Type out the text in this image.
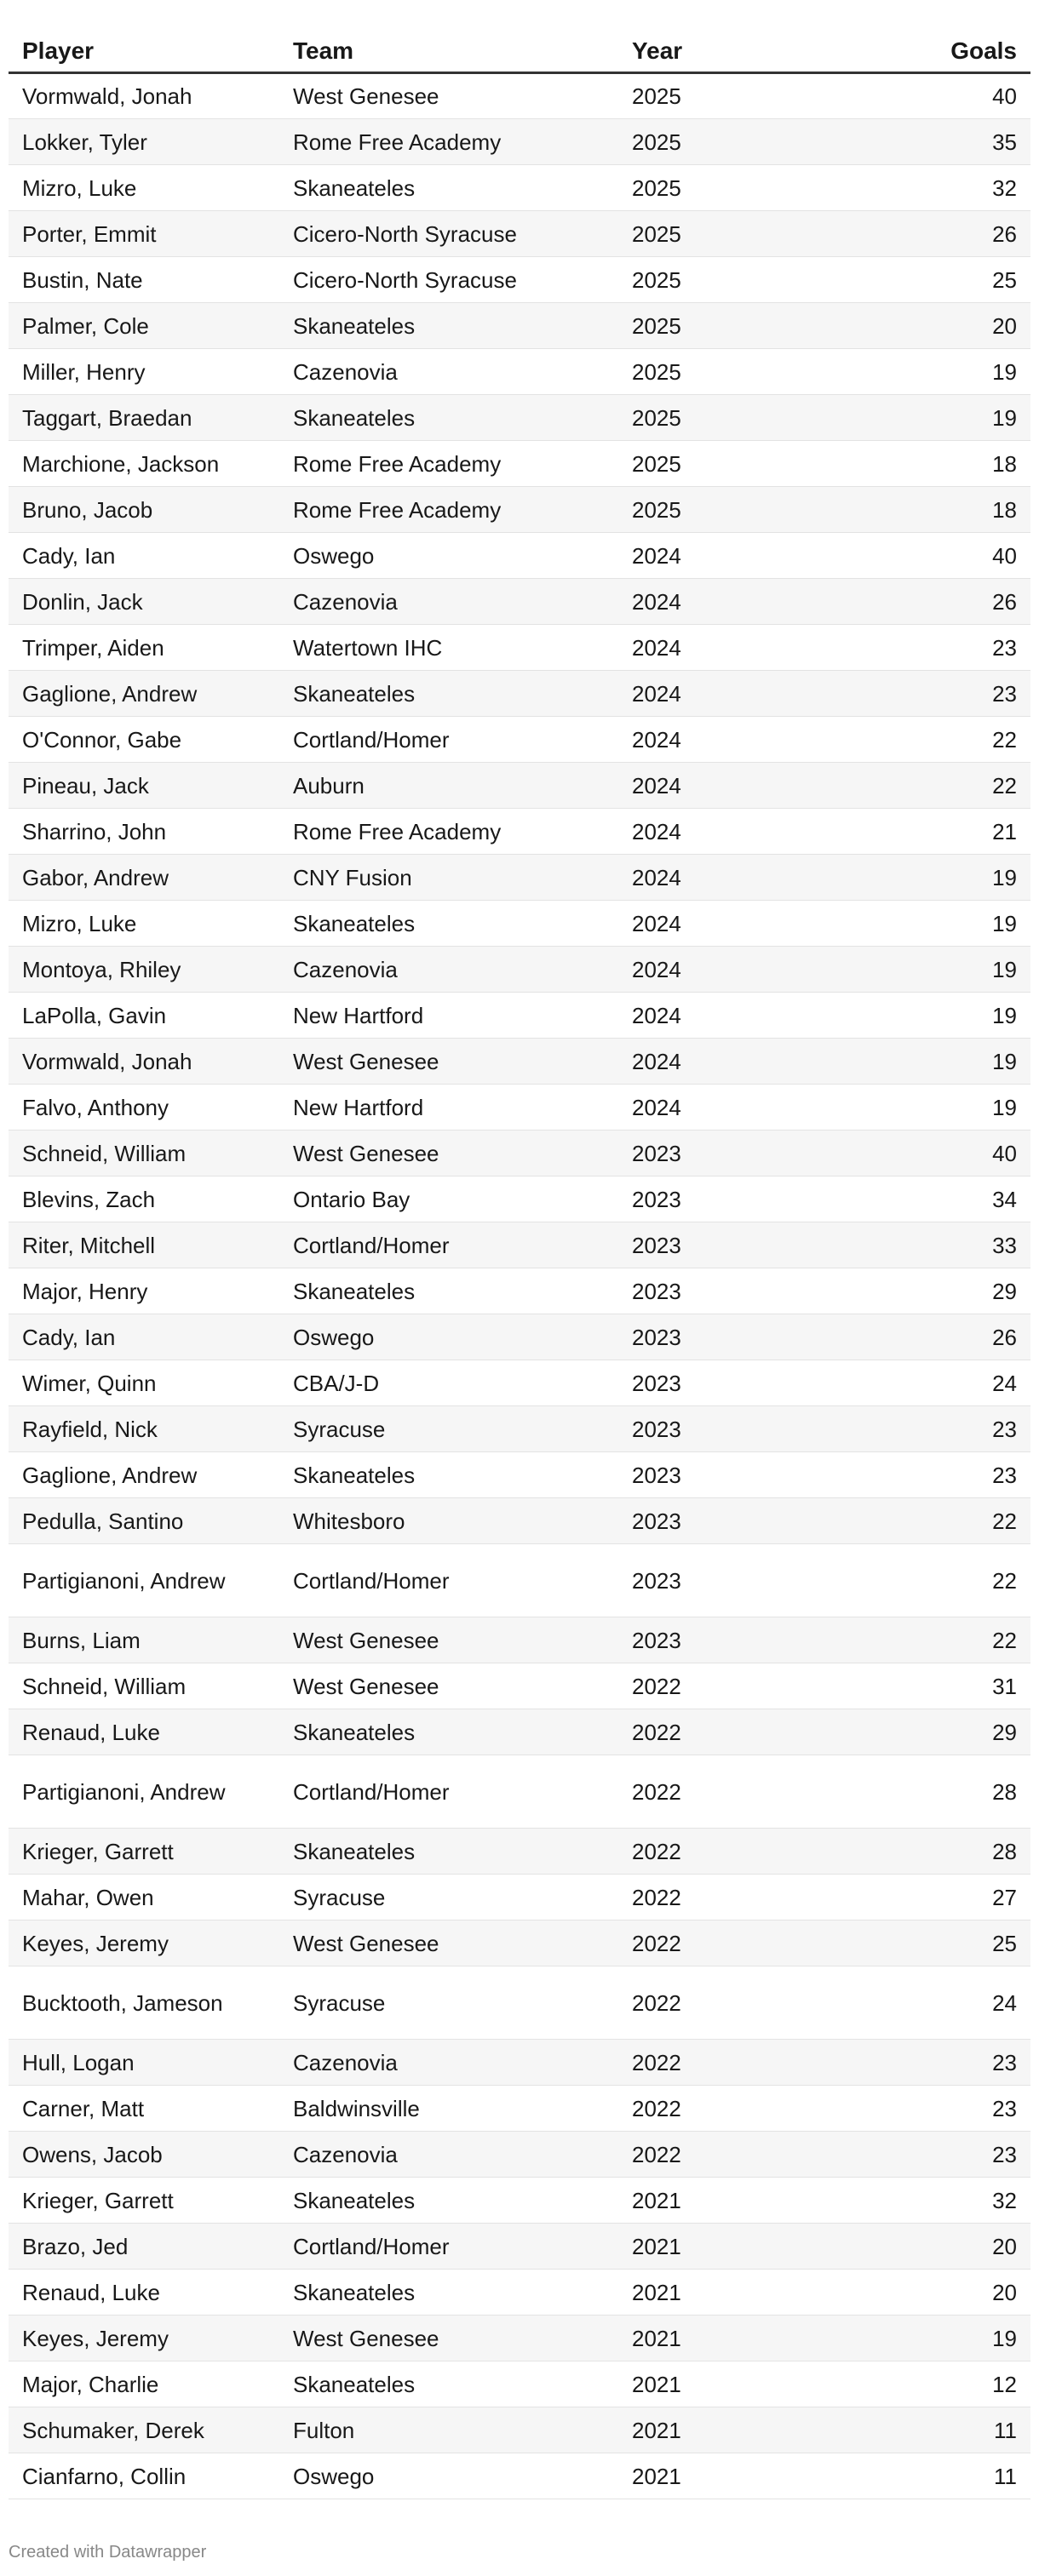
Player	Team	Year	Goals
Vormwald, Jonah	West Genesee	2025	40
Lokker, Tyler	Rome Free Academy	2025	35
Mizro, Luke	Skaneateles	2025	32
Porter, Emmit	Cicero-North Syracuse	2025	26
Bustin, Nate	Cicero-North Syracuse	2025	25
Palmer, Cole	Skaneateles	2025	20
Miller, Henry	Cazenovia	2025	19
Taggart, Braedan	Skaneateles	2025	19
Marchione, Jackson	Rome Free Academy	2025	18
Bruno, Jacob	Rome Free Academy	2025	18
Cady, Ian	Oswego	2024	40
Donlin, Jack	Cazenovia	2024	26
Trimper, Aiden	Watertown IHC	2024	23
Gaglione, Andrew	Skaneateles	2024	23
O'Connor, Gabe	Cortland/Homer	2024	22
Pineau, Jack	Auburn	2024	22
Sharrino, John	Rome Free Academy	2024	21
Gabor, Andrew	CNY Fusion	2024	19
Mizro, Luke	Skaneateles	2024	19
Montoya, Rhiley	Cazenovia	2024	19
LaPolla, Gavin	New Hartford	2024	19
Vormwald, Jonah	West Genesee	2024	19
Falvo, Anthony	New Hartford	2024	19
Schneid, William	West Genesee	2023	40
Blevins, Zach	Ontario Bay	2023	34
Riter, Mitchell	Cortland/Homer	2023	33
Major, Henry	Skaneateles	2023	29
Cady, Ian	Oswego	2023	26
Wimer, Quinn	CBA/J-D	2023	24
Rayfield, Nick	Syracuse	2023	23
Gaglione, Andrew	Skaneateles	2023	23
Pedulla, Santino	Whitesboro	2023	22
Partigianoni, Andrew	Cortland/Homer	2023	22
Burns, Liam	West Genesee	2023	22
Schneid, William	West Genesee	2022	31
Renaud, Luke	Skaneateles	2022	29
Partigianoni, Andrew	Cortland/Homer	2022	28
Krieger, Garrett	Skaneateles	2022	28
Mahar, Owen	Syracuse	2022	27
Keyes, Jeremy	West Genesee	2022	25
Bucktooth, Jameson	Syracuse	2022	24
Hull, Logan	Cazenovia	2022	23
Carner, Matt	Baldwinsville	2022	23
Owens, Jacob	Cazenovia	2022	23
Krieger, Garrett	Skaneateles	2021	32
Brazo, Jed	Cortland/Homer	2021	20
Renaud, Luke	Skaneateles	2021	20
Keyes, Jeremy	West Genesee	2021	19
Major, Charlie	Skaneateles	2021	12
Schumaker, Derek	Fulton	2021	11
Cianfarno, Collin	Oswego	2021	11
Created with Datawrapper
